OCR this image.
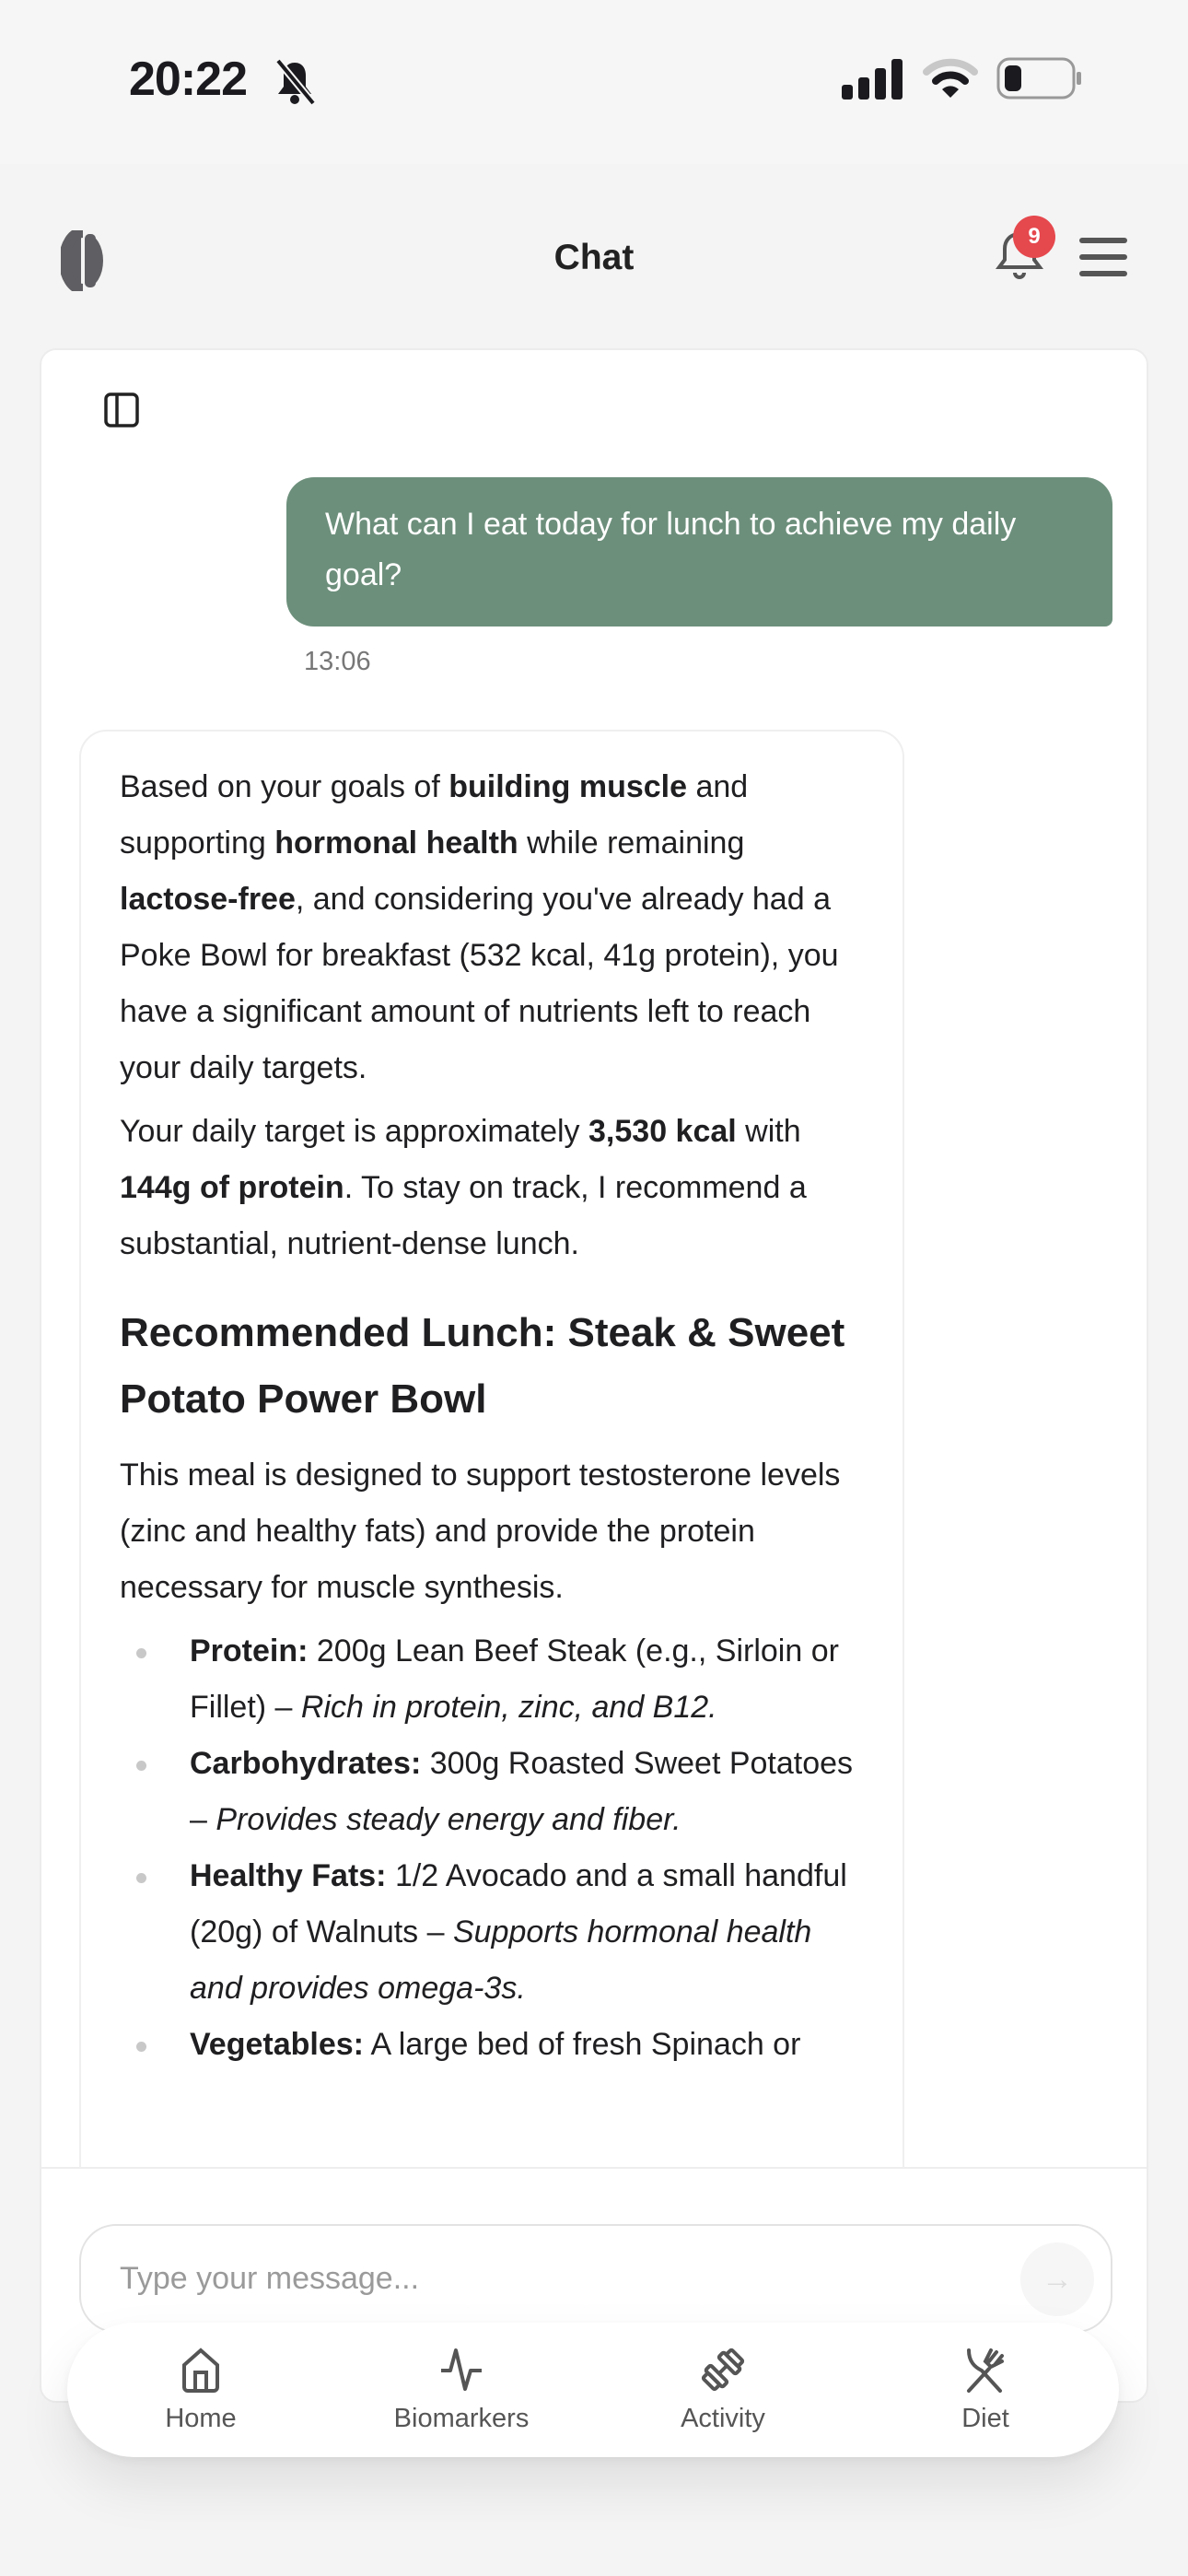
20:22
Chat
9
What can I eat today for lunch to achieve my daily goal?
13:06

Based on your goals of building muscle and supporting hormonal health while remaining lactose-free, and considering you've already had a Poke Bowl for breakfast (532 kcal, 41g protein), you have a significant amount of nutrients left to reach your daily targets.

Your daily target is approximately 3,530 kcal with 144g of protein. To stay on track, I recommend a substantial, nutrient-dense lunch.

Recommended Lunch: Steak & Sweet Potato Power Bowl

This meal is designed to support testosterone levels (zinc and healthy fats) and provide the protein necessary for muscle synthesis.

Protein: 200g Lean Beef Steak (e.g., Sirloin or Fillet) – Rich in protein, zinc, and B12.
Carbohydrates: 300g Roasted Sweet Potatoes – Provides steady energy and fiber.
Healthy Fats: 1/2 Avocado and a small handful (20g) of Walnuts – Supports hormonal health and provides omega-3s.
Vegetables: A large bed of fresh Spinach or
Type your message...	→
Home	Biomarkers	Activity	Diet
